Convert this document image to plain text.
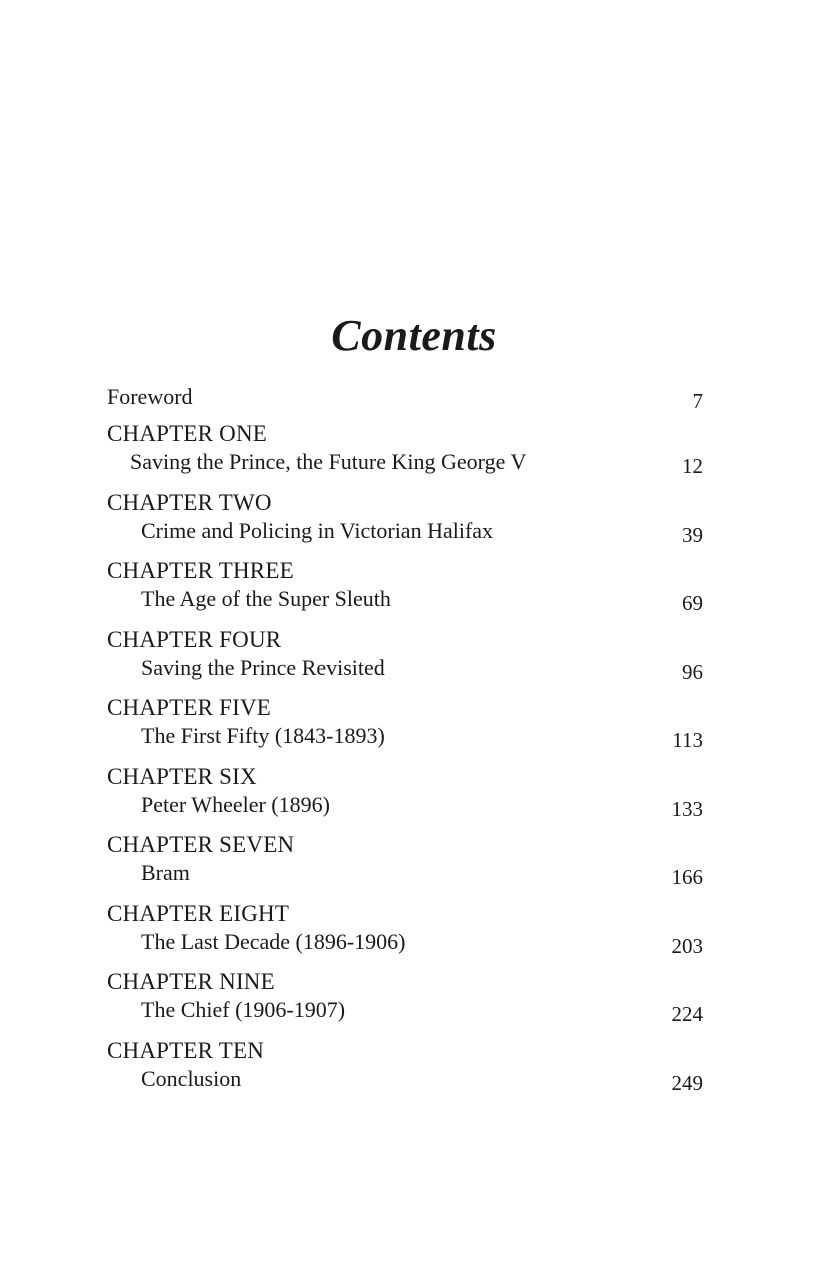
Contents
Foreword	7
CHAPTER ONE
Saving the Prince, the Future King George V	12
CHAPTER TWO
Crime and Policing in Victorian Halifax	39
CHAPTER THREE
The Age of the Super Sleuth	69
CHAPTER FOUR
Saving the Prince Revisited	96
CHAPTER FIVE
The First Fifty (1843-1893)	113
CHAPTER SIX
Peter Wheeler (1896)	133
CHAPTER SEVEN
Bram	166
CHAPTER EIGHT
The Last Decade (1896-1906)	203
CHAPTER NINE
The Chief (1906-1907)	224
CHAPTER TEN
Conclusion	249
